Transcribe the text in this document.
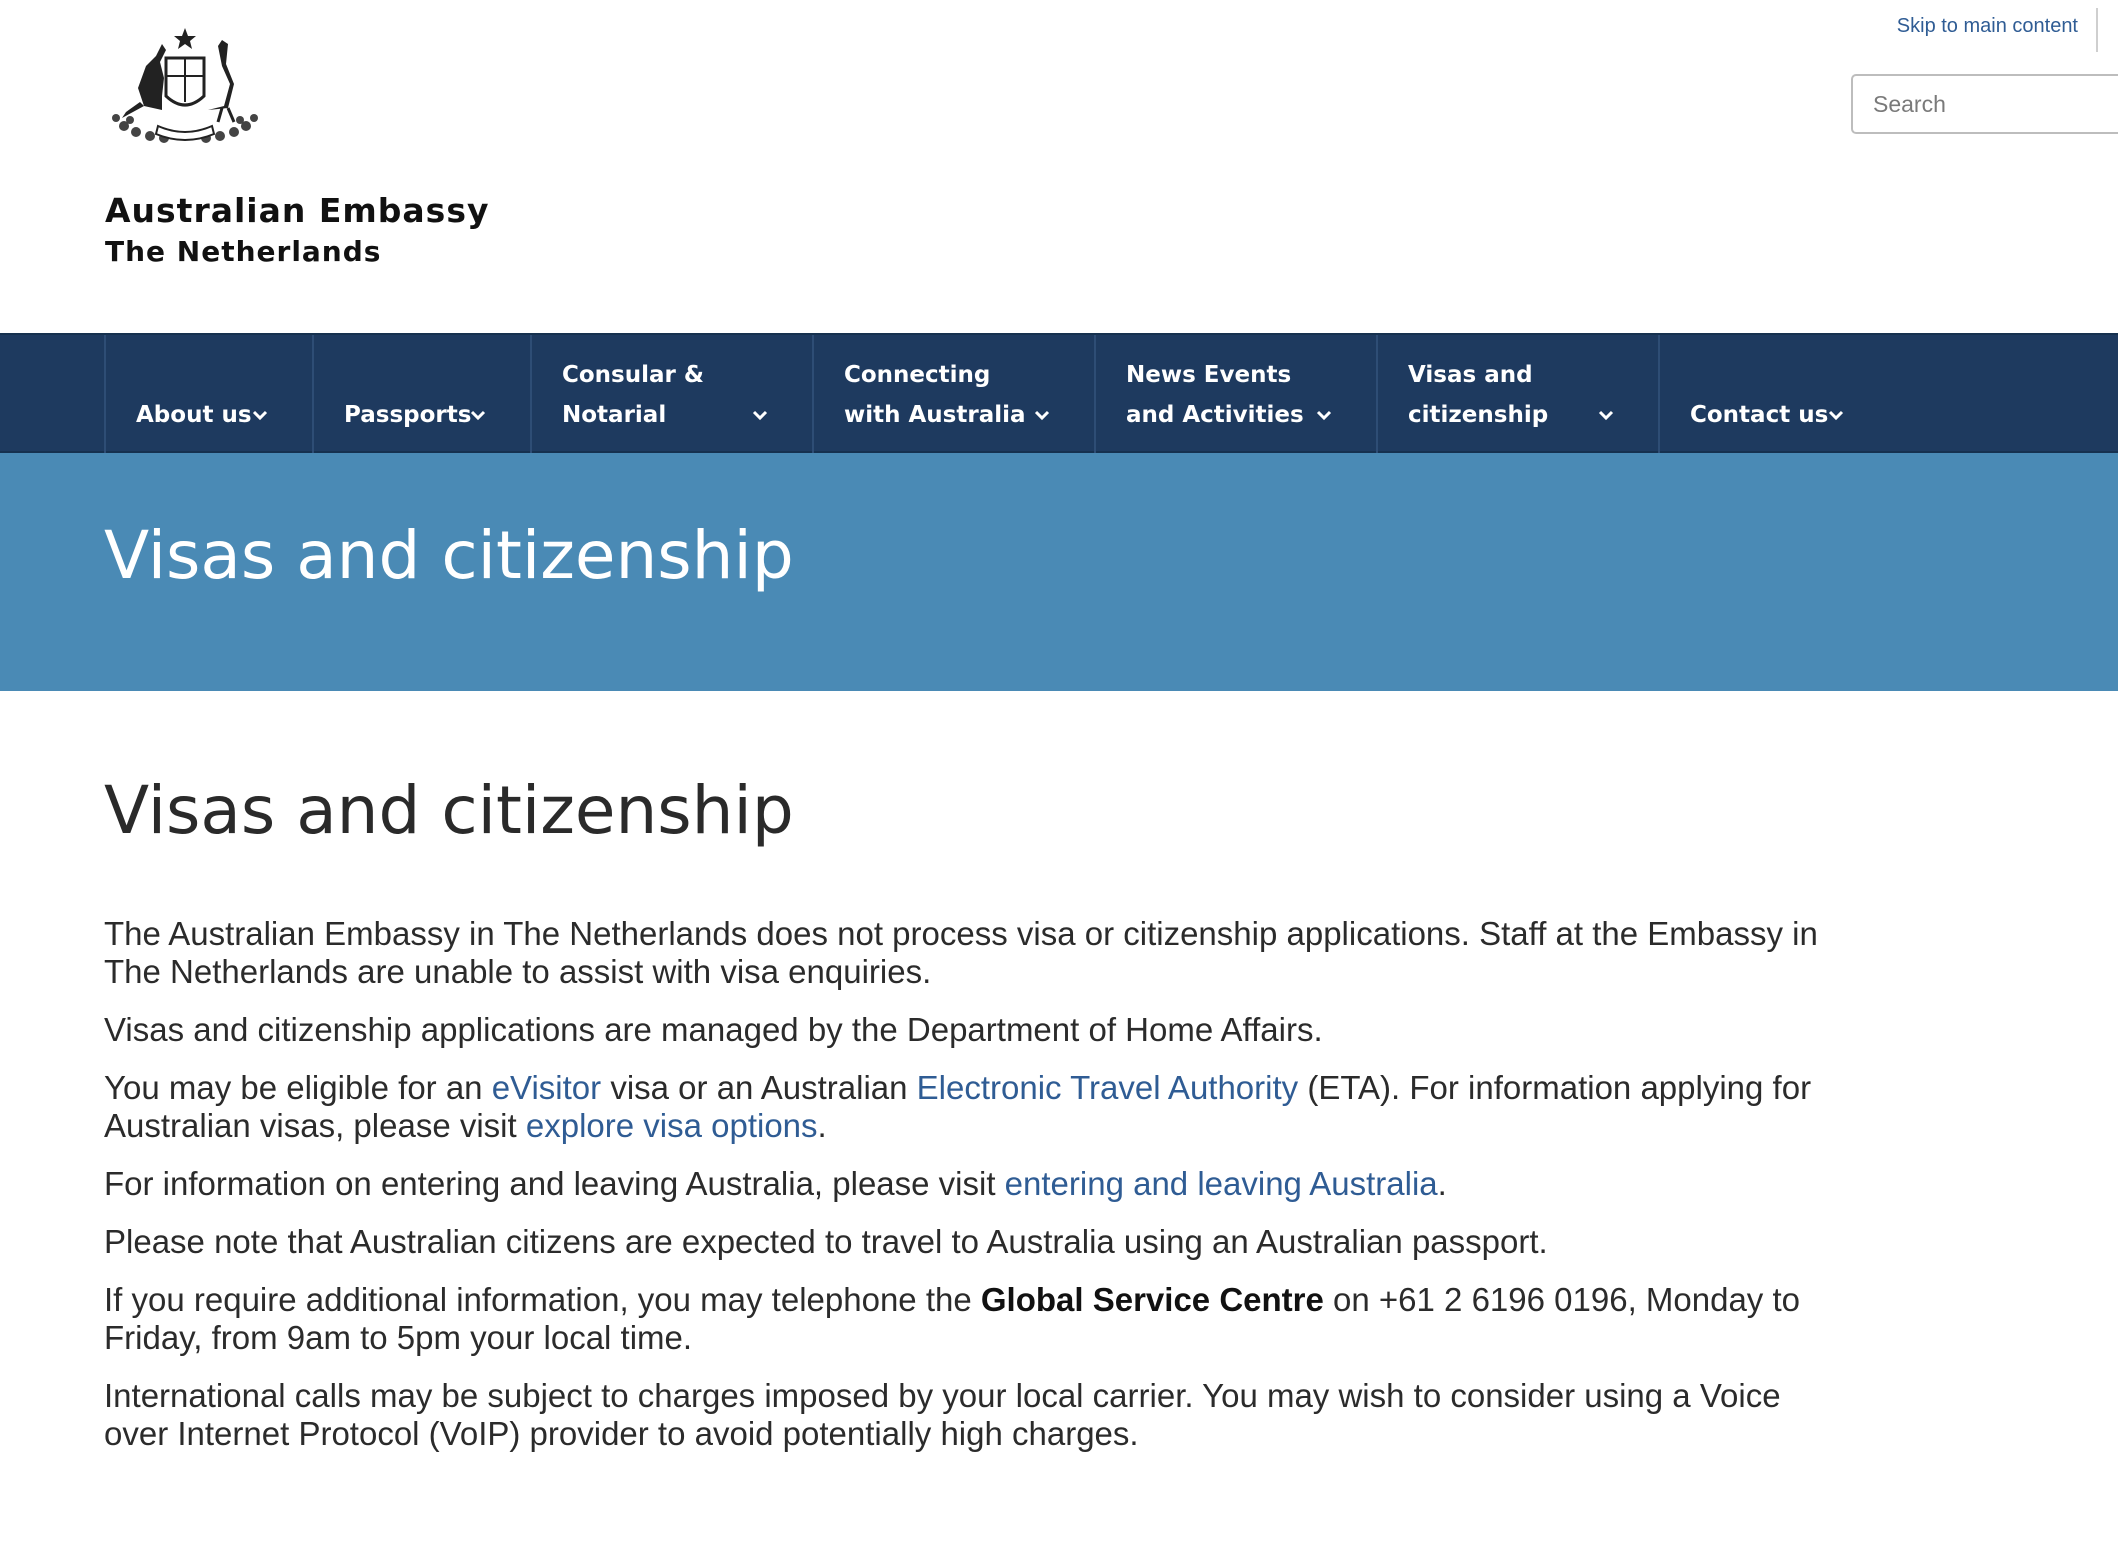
Australian Embassy
The Netherlands
Skip to main content
Search
About us	Passports
Consular &
Notarial
Connecting
with Australia
News Events
and Activities
Visas and
citizenship	Contact us
Visas and citizenship
Visas and citizenship

The Australian Embassy in The Netherlands does not process visa or citizenship applications. Staff at the Embassy in The Netherlands are unable to assist with visa enquiries.

Visas and citizenship applications are managed by the Department of Home Affairs.

You may be eligible for an eVisitor visa or an Australian Electronic Travel Authority (ETA). For information applying for Australian visas, please visit explore visa options.

For information on entering and leaving Australia, please visit entering and leaving Australia.

Please note that Australian citizens are expected to travel to Australia using an Australian passport.

If you require additional information, you may telephone the Global Service Centre on +61 2 6196 0196, Monday to Friday, from 9am to 5pm your local time.

International calls may be subject to charges imposed by your local carrier. You may wish to consider using a Voice over Internet Protocol (VoIP) provider to avoid potentially high charges.
